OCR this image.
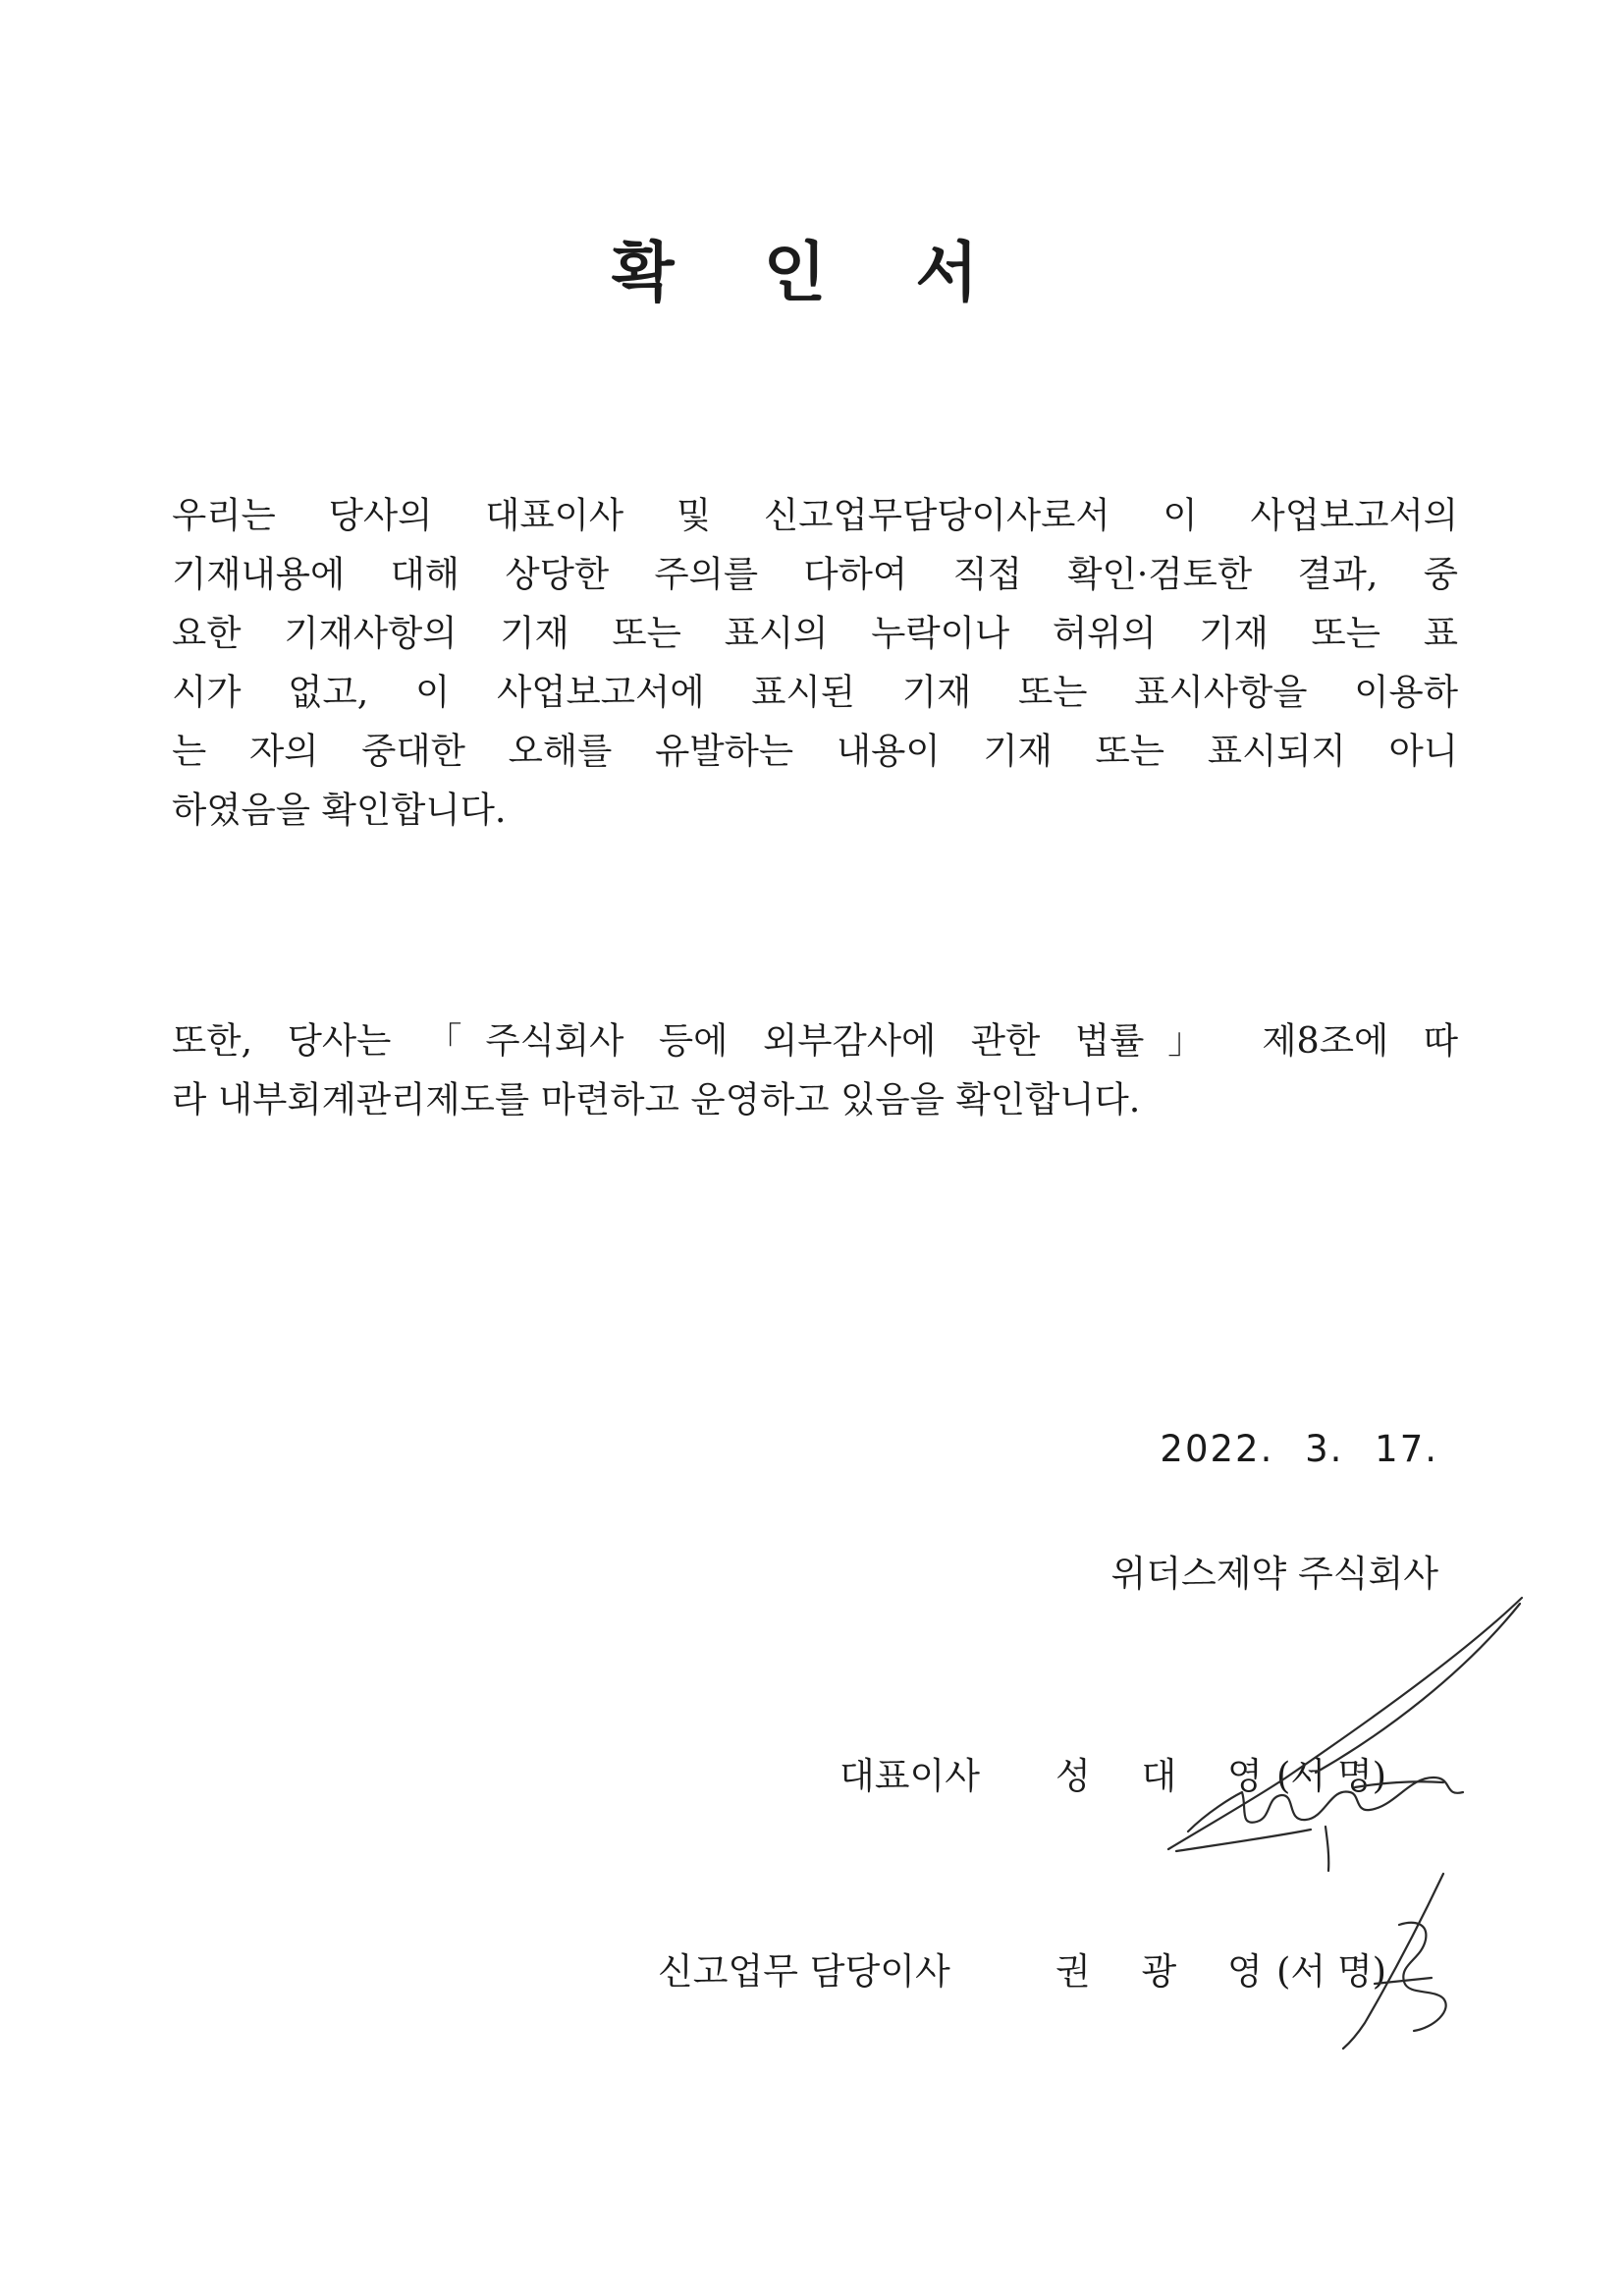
확 인 서
우리는 당사의 대표이사 및 신고업무담당이사로서 이 사업보고서의
기재내용에 대해 상당한 주의를 다하여 직접 확인·검토한 결과, 중
요한 기재사항의 기재 또는 표시의 누락이나 허위의 기재 또는 표
시가 없고, 이 사업보고서에 표시된 기재 또는 표시사항을 이용하
는 자의 중대한 오해를 유발하는 내용이 기재 또는 표시되지 아니
하였음을 확인합니다.
또한, 당사는 「주식회사 등에 외부감사에 관한 법률」 제8조에 따
라 내부회계관리제도를 마련하고 운영하고 있음을 확인합니다.
2022. 3. 17.
위더스제약 주식회사
대표이사 성 대 영
(서 명)
신고업무 담당이사	권 광 영
(서 명)
